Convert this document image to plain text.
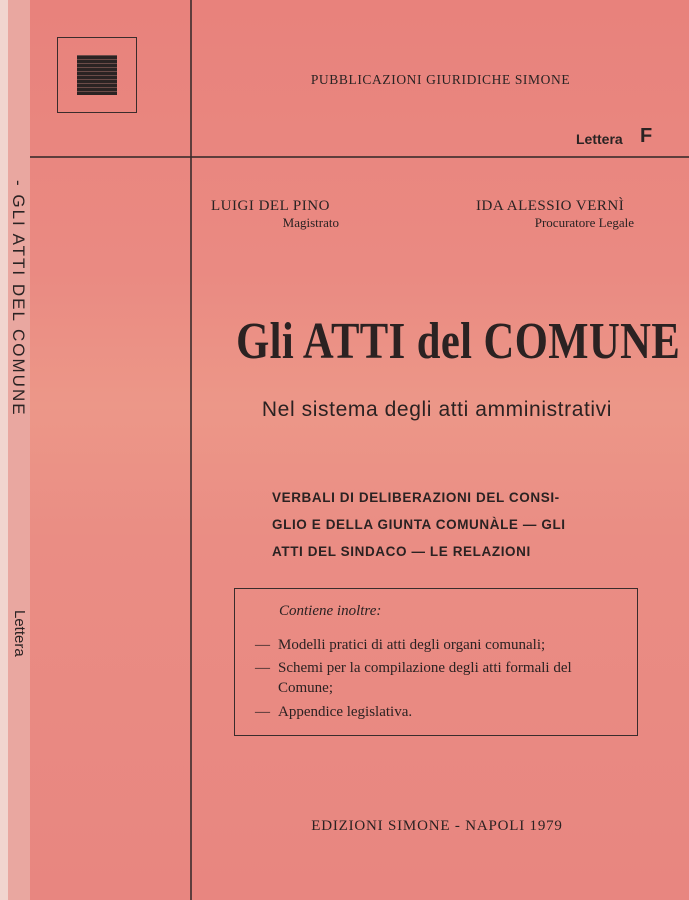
- GLI ATTI DEL COMUNE
Lettera
PUBBLICAZIONI GIURIDICHE SIMONE
Lettera F
LUIGI DEL PINO
Magistrato
IDA ALESSIO VERNÌ
Procuratore Legale
Gli ATTI del COMUNE
Nel sistema degli atti amministrativi
VERBALI DI DELIBERAZIONI DEL CONSI-
GLIO E DELLA GIUNTA COMUNÀLE — GLI
ATTI DEL SINDACO — LE RELAZIONI
Contiene inoltre:
— Modelli pratici di atti degli organi comunali;
— Schemi per la compilazione degli atti formali del Comune;
— Appendice legislativa.
EDIZIONI SIMONE - NAPOLI 1979
